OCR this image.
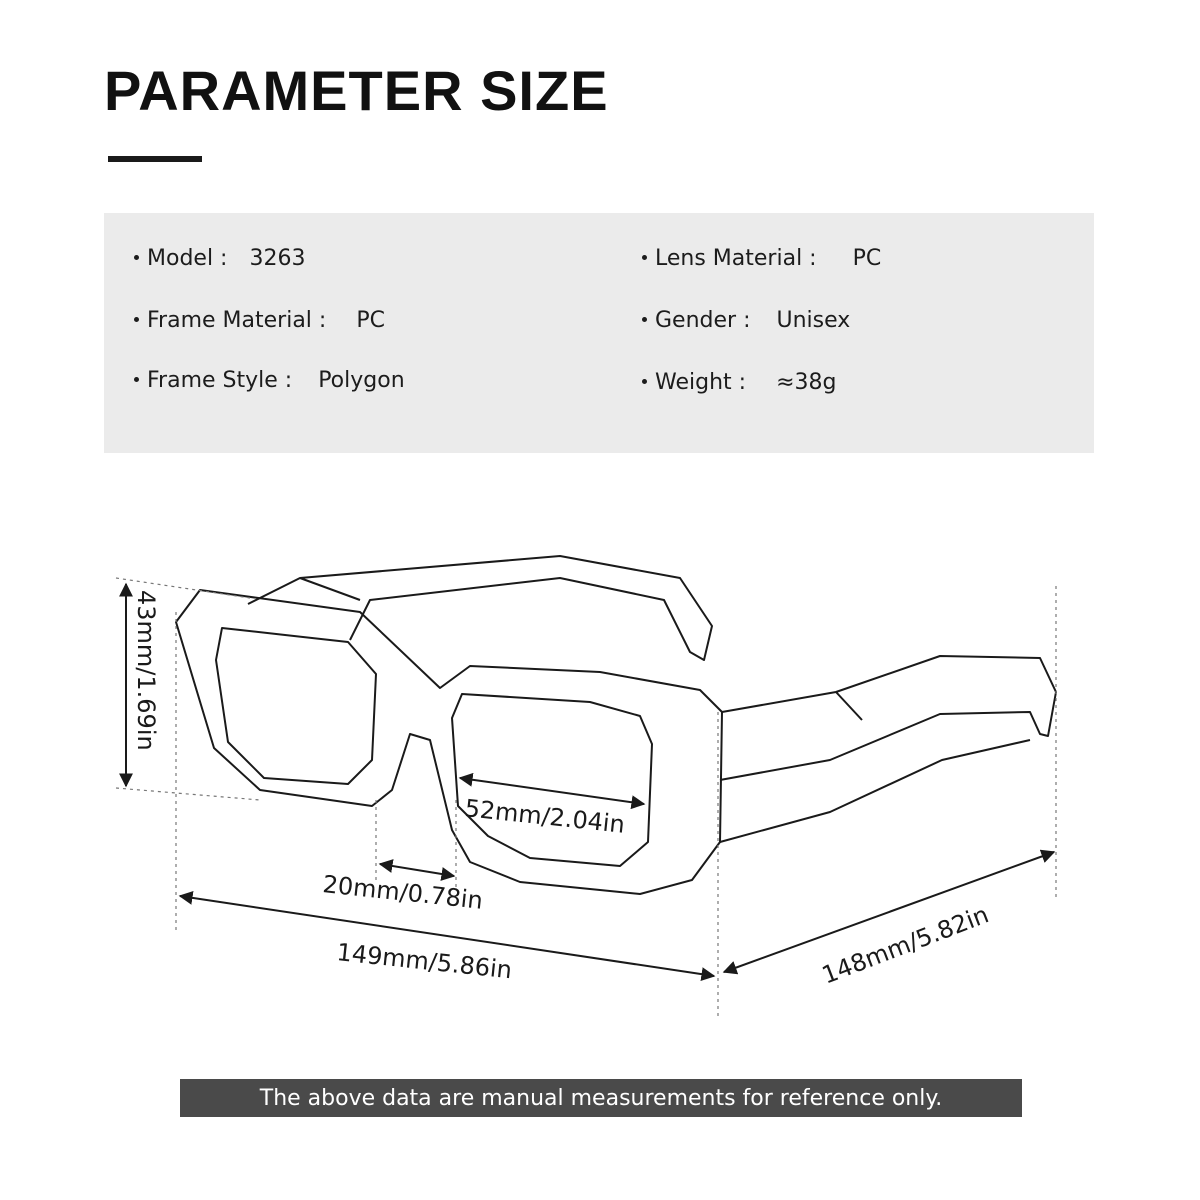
PARAMETER SIZE
Model : 3263
Frame Material : PC
Frame Style : Polygon
Lens Material : PC
Gender : Unisex
Weight : ≈38g
43mm/1.69in
52mm/2.04in
20mm/0.78in
149mm/5.86in	148mm/5.82in
The above data are manual measurements for reference only.
